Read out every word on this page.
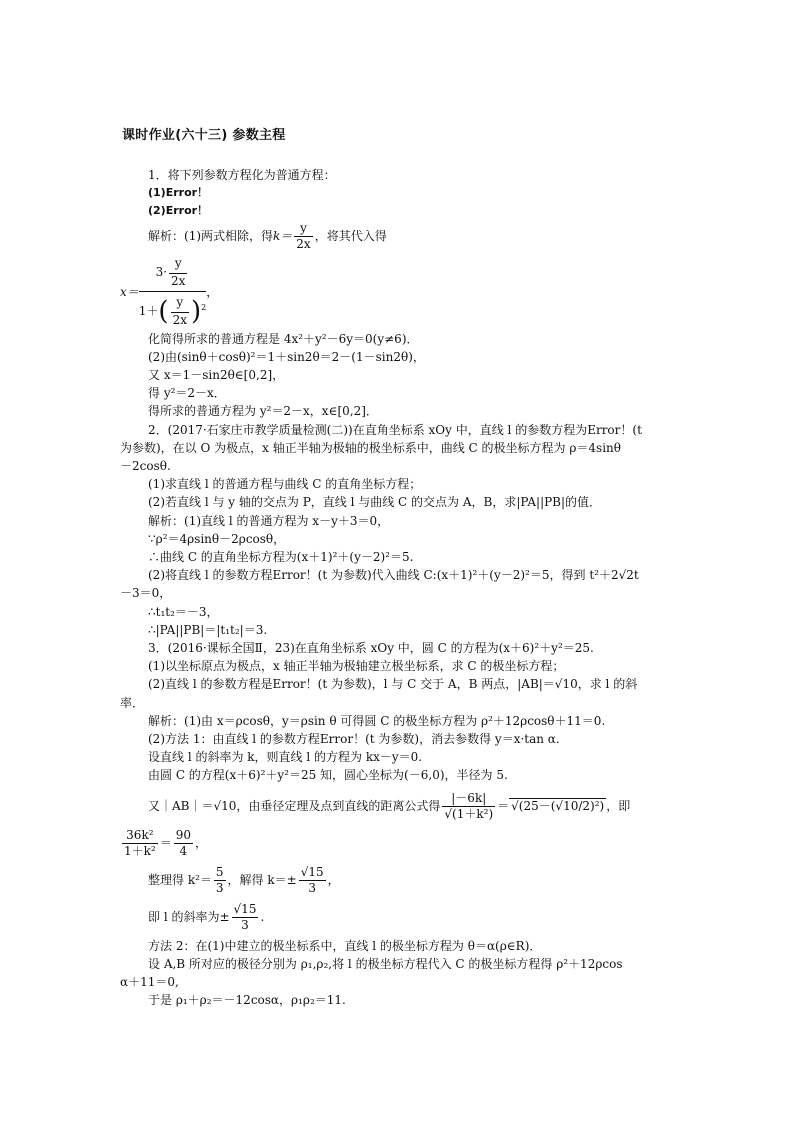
课时作业(六十三) 参数主程
1．将下列参数方程化为普通方程：
(1)Error！
(2)Error！
解析：(1)两式相除，得$k= \frac{y}{2x}$ ，将其代入得
x＝
$3\cdot \frac{y}{2x}$
$1+( \frac{y}{2x} )^2$
，
化简得所求的普通方程是 4x²＋y²－6y＝0(y≠6)．
(2)由(sinθ＋cosθ)²＝1＋sin2θ＝2－(1－sin2θ)，
又 x＝1－sin2θ∈[0,2]，
得 y²＝2－x．
得所求的普通方程为 y²＝2－x，x∈[0,2]．
2．(2017·石家庄市教学质量检测(二))在直角坐标系 xOy 中，直线 l 的参数方程为Error！(t
为参数)，在以 O 为极点，x 轴正半轴为极轴的极坐标系中，曲线 C 的极坐标方程为 ρ＝4sinθ
－2cosθ.
(1)求直线 l 的普通方程与曲线 C 的直角坐标方程；
(2)若直线 l 与 y 轴的交点为 P，直线 l 与曲线 C 的交点为 A，B，求|PA||PB|的值．
解析：(1)直线 l 的普通方程为 x－y＋3＝0，
∵ρ²＝4ρsinθ－2ρcosθ，
∴曲线 C 的直角坐标方程为(x＋1)²＋(y－2)²＝5.
(2)将直线 l 的参数方程Error！(t 为参数)代入曲线 C:(x＋1)²＋(y－2)²＝5，得到 t²＋2√2t
－3＝0，
∴t₁t₂＝－3，
∴|PA||PB|＝|t₁t₂|＝3.
3．(2016·课标全国Ⅱ，23)在直角坐标系 xOy 中，圆 C 的方程为(x＋6)²＋y²＝25.
(1)以坐标原点为极点，x 轴正半轴为极轴建立极坐标系，求 C 的极坐标方程；
(2)直线 l 的参数方程是Error！(t 为参数)，l 与 C 交于 A，B 两点，|AB|＝√10，求 l 的斜
率．
解析：(1)由 x＝ρcosθ，y＝ρsin θ 可得圆 C 的极坐标方程为 ρ²＋12ρcosθ＋11＝0.
(2)方法 1：由直线 l 的参数方程Error！(t 为参数)，消去参数得 y＝x·tan α.
设直线 l 的斜率为 k，则直线 l 的方程为 kx－y＝0.
由圆 C 的方程(x＋6)²＋y²＝25 知，圆心坐标为(－6,0)，半径为 5.
又｜AB｜＝√10，由垂径定理及点到直线的距离公式得 $\frac{|-6k|}{\text{√(1＋k²)}} = √(25-(√10/2)^2)$ ，即
$\frac{\text{36k²}}{\text{1＋k²}} = \frac{90}{4}$ ，
整理得 $k^2= \frac{5}{3}$ ，解得 $k=\pm \frac{√15}{3}$ ，
即 l 的斜率为± $\frac{√15}{3}$ .
方法 2：在(1)中建立的极坐标系中，直线 l 的极坐标方程为 θ＝α(ρ∈R)．
设 A,B 所对应的极径分别为 ρ₁,ρ₂,将 l 的极坐标方程代入 C 的极坐标方程得 ρ²＋12ρcos
α＋11＝0,
于是 ρ₁＋ρ₂＝－12cosα，ρ₁ρ₂＝11.
